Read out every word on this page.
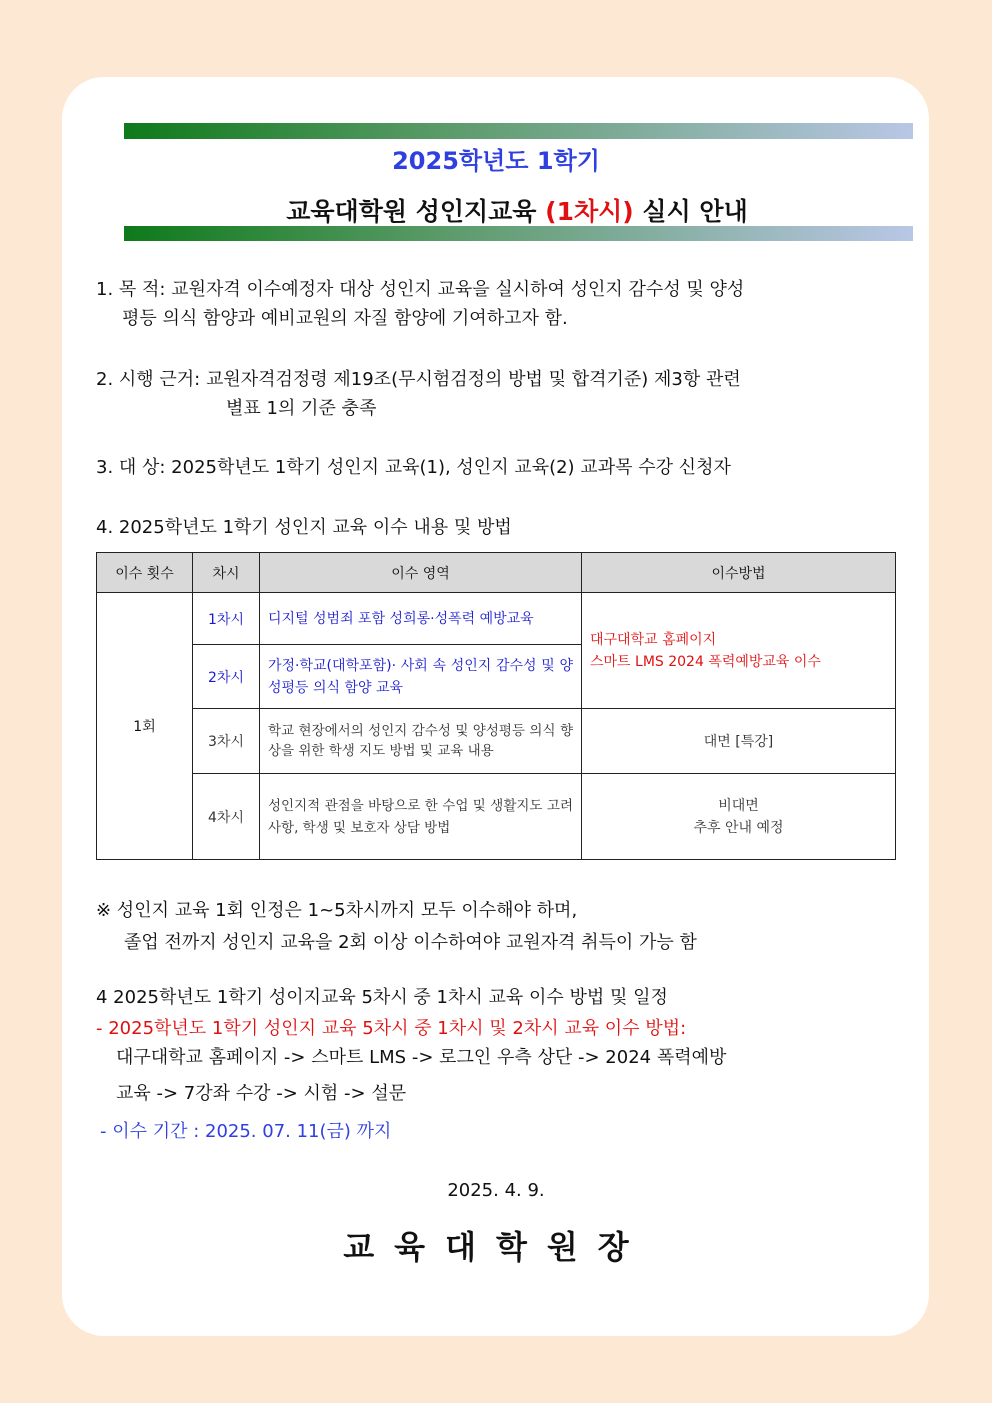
2025학년도 1학기
교육대학원 성인지교육 (1차시) 실시 안내
1. 목 적: 교원자격 이수예정자 대상 성인지 교육을 실시하여 성인지 감수성 및 양성
평등 의식 함양과 예비교원의 자질 함양에 기여하고자 함.
2. 시행 근거: 교원자격검정령 제19조(무시험검정의 방법 및 합격기준) 제3항 관련
별표 1의 기준 충족
3. 대 상: 2025학년도 1학기 성인지 교육(1), 성인지 교육(2) 교과목 수강 신청자
4. 2025학년도 1학기 성인지 교육 이수 내용 및 방법
이수 횟수	차시	이수 영역	이수방법
1회	1차시	디지털 성범죄 포함 성희롱·성폭력 예방교육	대구대학교 홈페이지
스마트 LMS 2024 폭력예방교육 이수
	2차시	가정·학교(대학포함)· 사회 속 성인지 감수성 및 양성평등 의식 함양 교육	
	3차시	학교 현장에서의 성인지 감수성 및 양성평등 의식 향상을 위한 학생 지도 방법 및 교육 내용	대면 [특강]
	4차시	성인지적 관점을 바탕으로 한 수업 및 생활지도 고려사항, 학생 및 보호자 상담 방법	비대면
추후 안내 예정
※ 성인지 교육 1회 인정은 1~5차시까지 모두 이수해야 하며,
졸업 전까지 성인지 교육을 2회 이상 이수하여야 교원자격 취득이 가능 함
4 2025학년도 1학기 성이지교육 5차시 중 1차시 교육 이수 방법 및 일정
- 2025학년도 1학기 성인지 교육 5차시 중 1차시 및 2차시 교육 이수 방법:
대구대학교 홈페이지 -> 스마트 LMS -> 로그인 우측 상단 -> 2024 폭력예방
교육 -> 7강좌 수강 -> 시험 -> 설문
- 이수 기간 : 2025. 07. 11(금) 까지
2025. 4. 9.
교육대학원장
